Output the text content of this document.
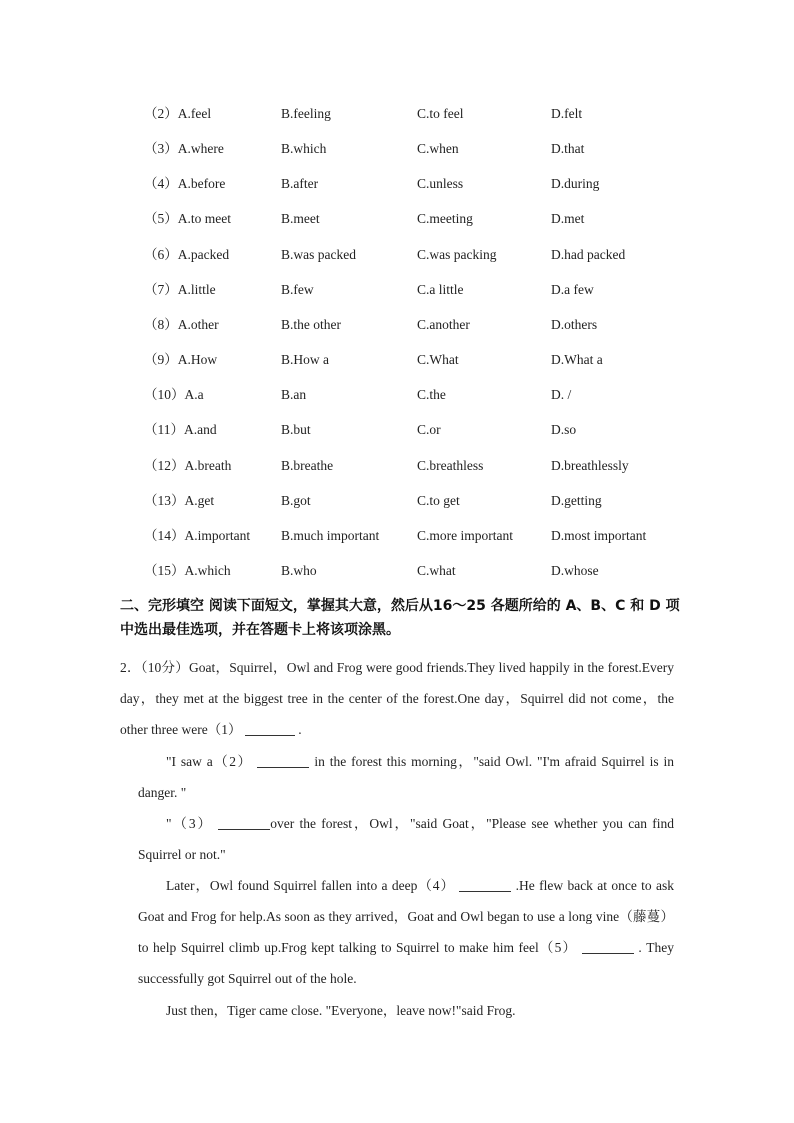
（2）A.feel	B.feeling	C.to feel	D.felt
（3）A.where	B.which	C.when	D.that
（4）A.before	B.after	C.unless	D.during
（5）A.to meet	B.meet	C.meeting	D.met
（6）A.packed	B.was packed	C.was packing	D.had packed
（7）A.little	B.few	C.a little	D.a few
（8）A.other	B.the other	C.another	D.others
（9）A.How	B.How a	C.What	D.What a
（10）A.a	B.an	C.the	D. /
（11）A.and	B.but	C.or	D.so
（12）A.breath	B.breathe	C.breathless	D.breathlessly
（13）A.get	B.got	C.to get	D.getting
（14）A.important B.much important	C.more important	D.most important
（15）A.which	B.who	C.what	D.whose
二、完形填空 阅读下面短文，掌握其大意，然后从16～25 各题所给的 A、B、C 和 D 项中选出最佳选项，并在答题卡上将该项涂黑。
2．（10分）Goat，Squirrel，Owl and Frog were good friends.They lived happily in the forest.Every day，they met at the biggest tree in the center of the forest.One day，Squirrel did not come，the other three were（1）	.
"I saw a（2）	in the forest this morning，"said Owl. "I'm afraid Squirrel is in danger. "
"（3）	over the forest，Owl，"said Goat，"Please see whether you can find Squirrel or not."
Later，Owl found Squirrel fallen into a deep（4）	.He flew back at once to ask Goat and Frog for help.As soon as they arrived，Goat and Owl began to use a long vine（藤蔓）to help Squirrel climb up.Frog kept talking to Squirrel to make him feel（5）	. They successfully got Squirrel out of the hole.
Just then，Tiger came close. "Everyone，leave now!"said Frog.
